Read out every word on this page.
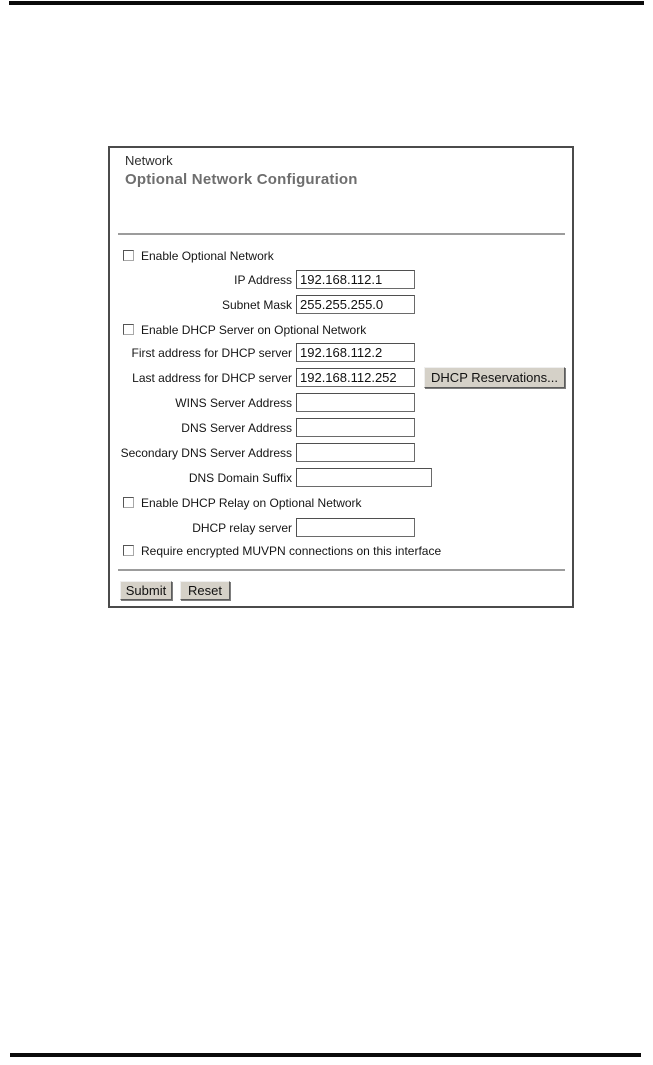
Network
Optional Network Configuration
Enable Optional Network
IP Address
192.168.112.1
Subnet Mask
255.255.255.0
Enable DHCP Server on Optional Network
First address for DHCP server
192.168.112.2
Last address for DHCP server
192.168.112.252	DHCP Reservations...
WINS Server Address
DNS Server Address
Secondary DNS Server Address
DNS Domain Suffix
Enable DHCP Relay on Optional Network
DHCP relay server
Require encrypted MUVPN connections on this interface
Submit	Reset
